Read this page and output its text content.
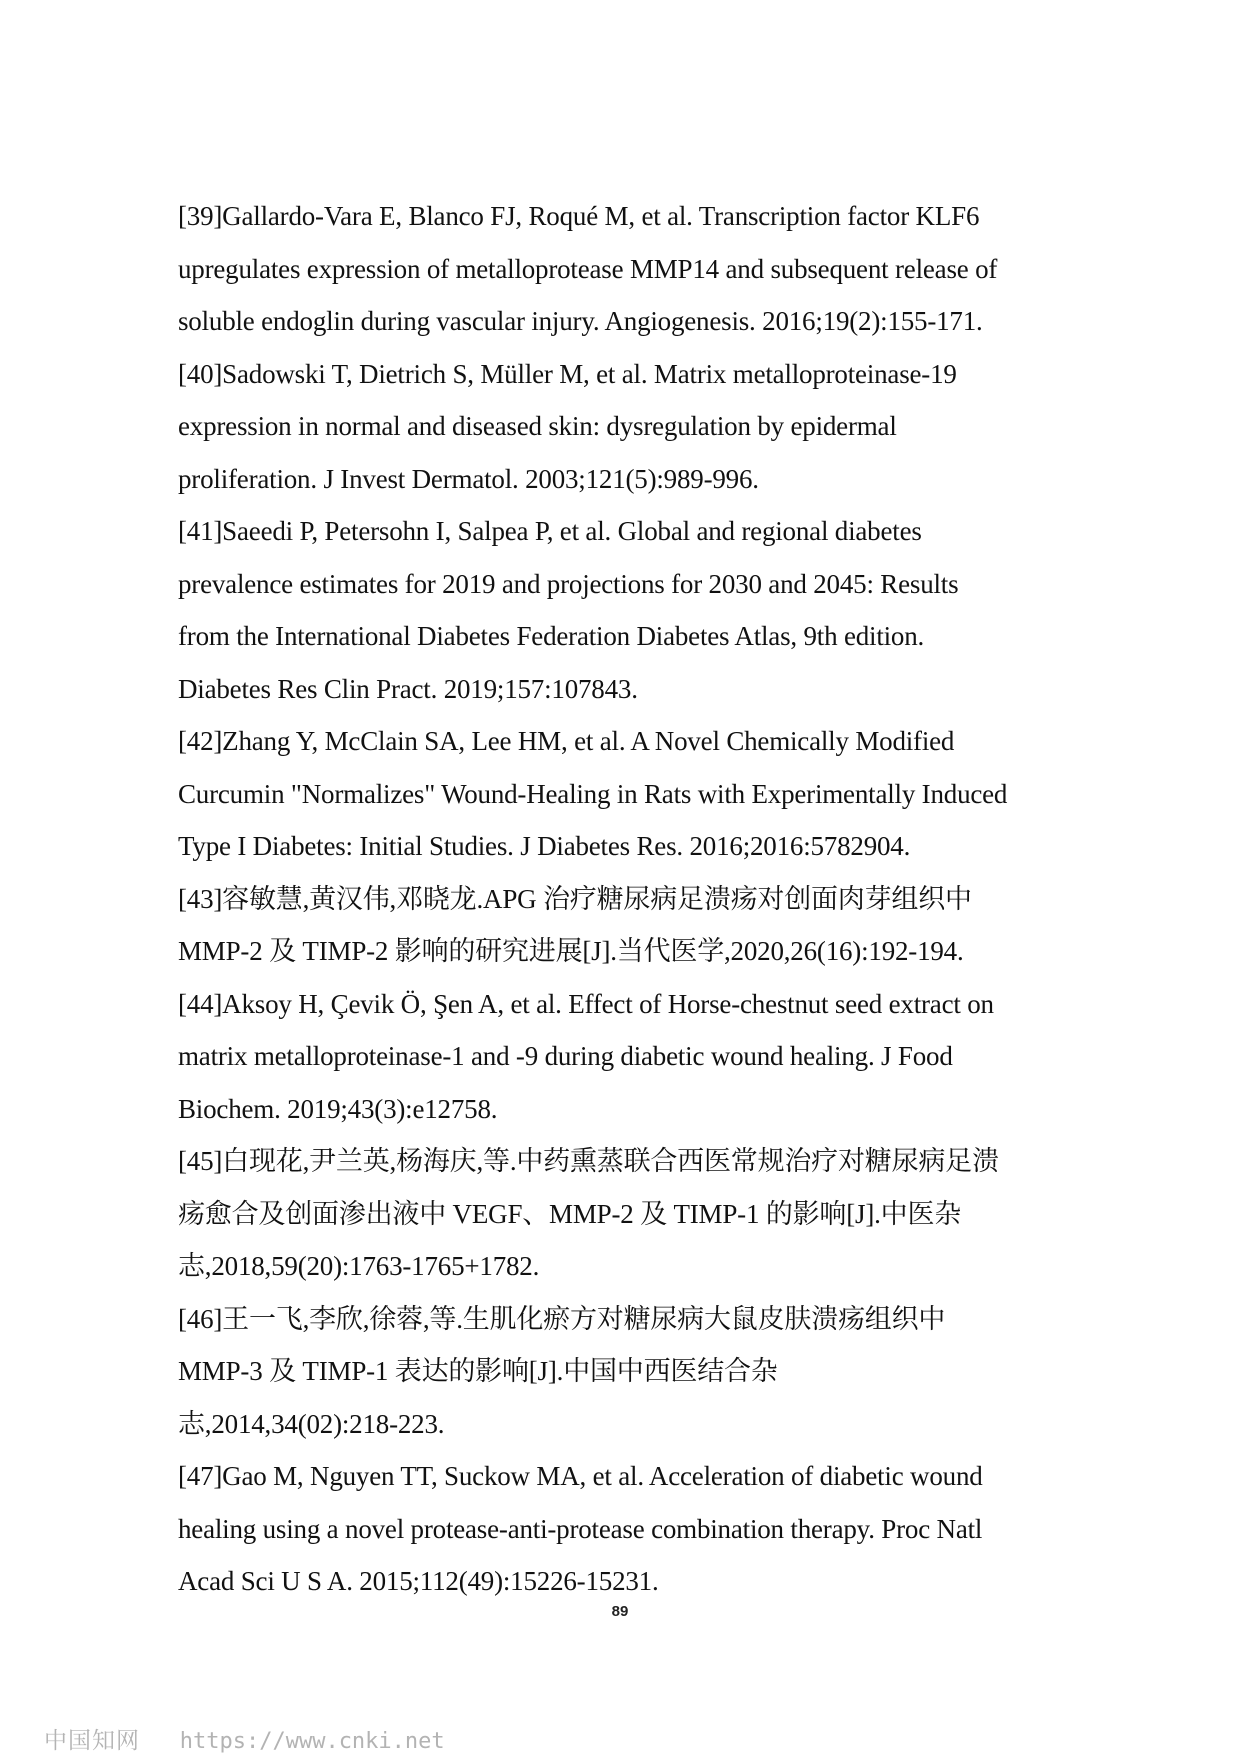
[39]Gallardo-Vara E, Blanco FJ, Roqué M, et al. Transcription factor KLF6
upregulates expression of metalloprotease MMP14 and subsequent release of
soluble endoglin during vascular injury. Angiogenesis. 2016;19(2):155-171.
[40]Sadowski T, Dietrich S, Müller M, et al. Matrix metalloproteinase-19
expression in normal and diseased skin: dysregulation by epidermal
proliferation. J Invest Dermatol. 2003;121(5):989-996.
[41]Saeedi P, Petersohn I, Salpea P, et al. Global and regional diabetes
prevalence estimates for 2019 and projections for 2030 and 2045: Results
from the International Diabetes Federation Diabetes Atlas, 9th edition.
Diabetes Res Clin Pract. 2019;157:107843.
[42]Zhang Y, McClain SA, Lee HM, et al. A Novel Chemically Modified
Curcumin "Normalizes" Wound-Healing in Rats with Experimentally Induced
Type I Diabetes: Initial Studies. J Diabetes Res. 2016;2016:5782904.
[43]容敏慧,黄汉伟,邓晓龙.APG 治疗糖尿病足溃疡对创面肉芽组织中
MMP-2 及 TIMP-2 影响的研究进展[J].当代医学,2020,26(16):192-194.
[44]Aksoy H, Çevik Ö, Şen A, et al. Effect of Horse-chestnut seed extract on
matrix metalloproteinase-1 and -9 during diabetic wound healing. J Food
Biochem. 2019;43(3):e12758.
[45]白现花,尹兰英,杨海庆,等.中药熏蒸联合西医常规治疗对糖尿病足溃
疡愈合及创面渗出液中 VEGF、MMP-2 及 TIMP-1 的影响[J].中医杂
志,2018,59(20):1763-1765+1782.
[46]王一飞,李欣,徐蓉,等.生肌化瘀方对糖尿病大鼠皮肤溃疡组织中
MMP-3 及 TIMP-1 表达的影响[J].中国中西医结合杂
志,2014,34(02):218-223.
[47]Gao M, Nguyen TT, Suckow MA, et al. Acceleration of diabetic wound
healing using a novel protease-anti-protease combination therapy. Proc Natl
Acad Sci U S A. 2015;112(49):15226-15231.
89
中国知网 https://www.cnki.net
